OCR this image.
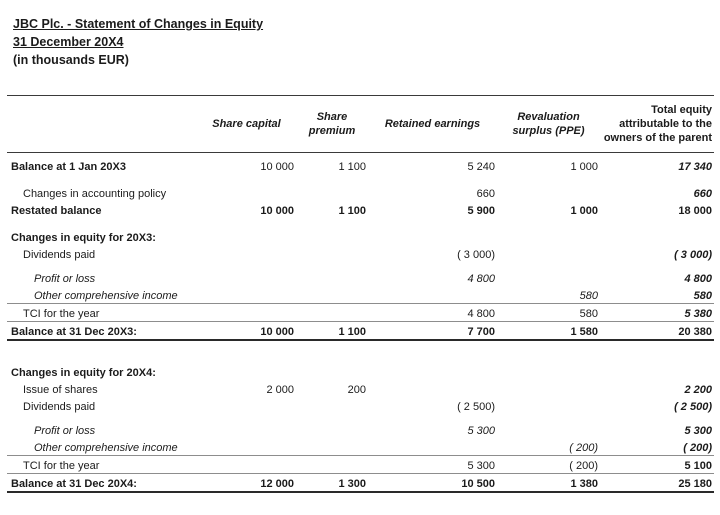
JBC Plc. - Statement of Changes in Equity
31 December 20X4
(in thousands EUR)
	Share capital	Share premium	Retained earnings	Revaluation surplus (PPE)	Total equity attributable to the owners of the parent
Balance at 1 Jan 20X3	10 000	1 100	5 240	1 000	17 340

Changes in accounting policy			660		660
Restated balance	10 000	1 100	5 900	1 000	18 000

Changes in equity for 20X3:					
Dividends paid			( 3 000)		( 3 000)

Profit or loss			4 800		4 800
Other comprehensive income				580	580
TCI for the year			4 800	580	5 380
Balance at 31 Dec 20X3:	10 000	1 100	7 700	1 580	20 380

Changes in equity for 20X4:					
Issue of shares	2 000	200			2 200
Dividends paid			( 2 500)		( 2 500)

Profit or loss			5 300		5 300
Other comprehensive income				( 200)	( 200)
TCI for the year			5 300	( 200)	5 100
Balance at 31 Dec 20X4:	12 000	1 300	10 500	1 380	25 180
